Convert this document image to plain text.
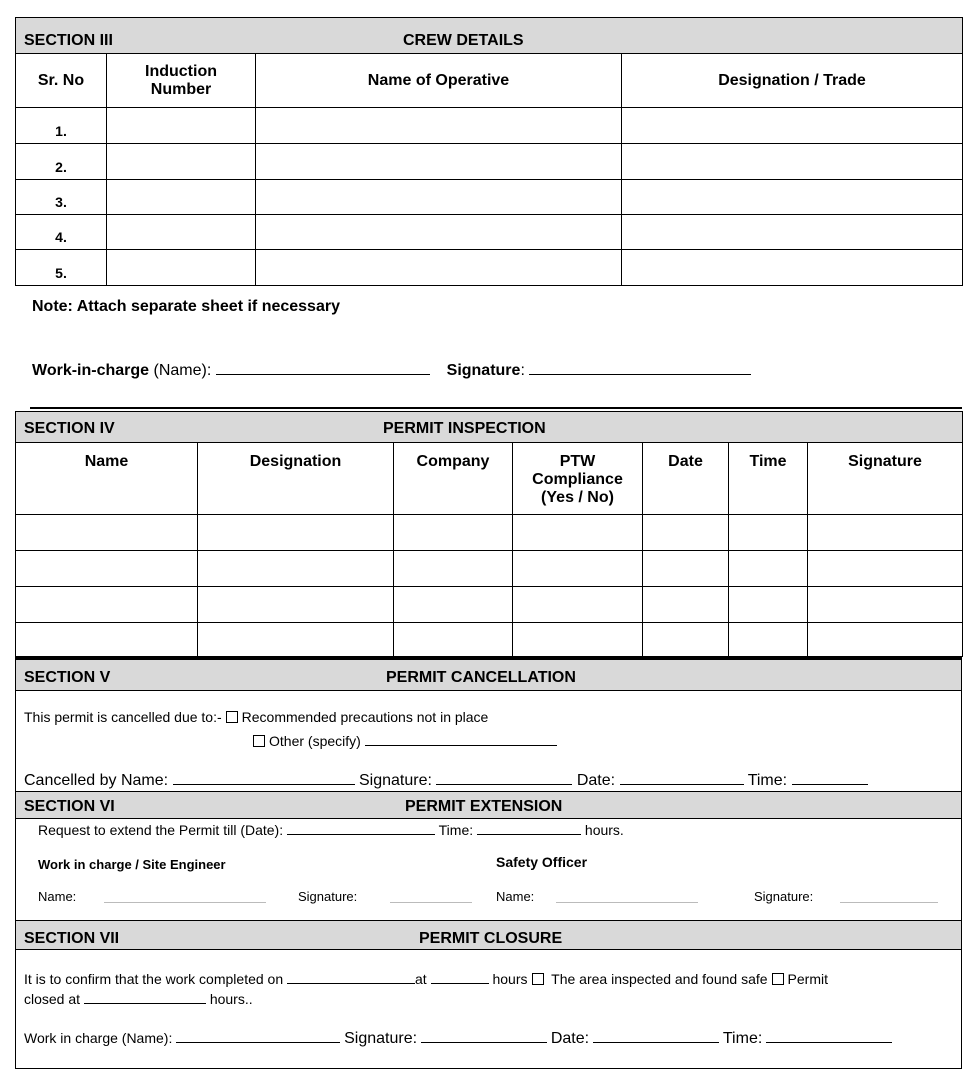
SECTION III CREW DETAILS			

Sr. No	Induction Number	Name of Operative	Designation / Trade
1.			
2.			
3.			
4.			
5.			
Note: Attach separate sheet if necessary
Work-in-charge (Name):	Signature:
SECTION IV PERMIT INSPECTION						

Name	Designation	Company	PTW Compliance (Yes / No)	Date	Time	Signature

SECTION V	PERMIT CANCELLATION
This permit is cancelled due to:- Recommended precautions not in place
Other (specify)
Cancelled by Name:	Signature:	Date:	Time:
SECTION VI	PERMIT EXTENSION
Request to extend the Permit till (Date):	Time:	hours.
Work in charge / Site Engineer	Safety Officer
Name:	Signature:	Name:	Signature:
SECTION VII	PERMIT CLOSURE
It is to confirm that the work completed on	at	hours The area inspected and found safe Permit
closed at	hours..
Work in charge (Name):	Signature:	Date:	Time:
